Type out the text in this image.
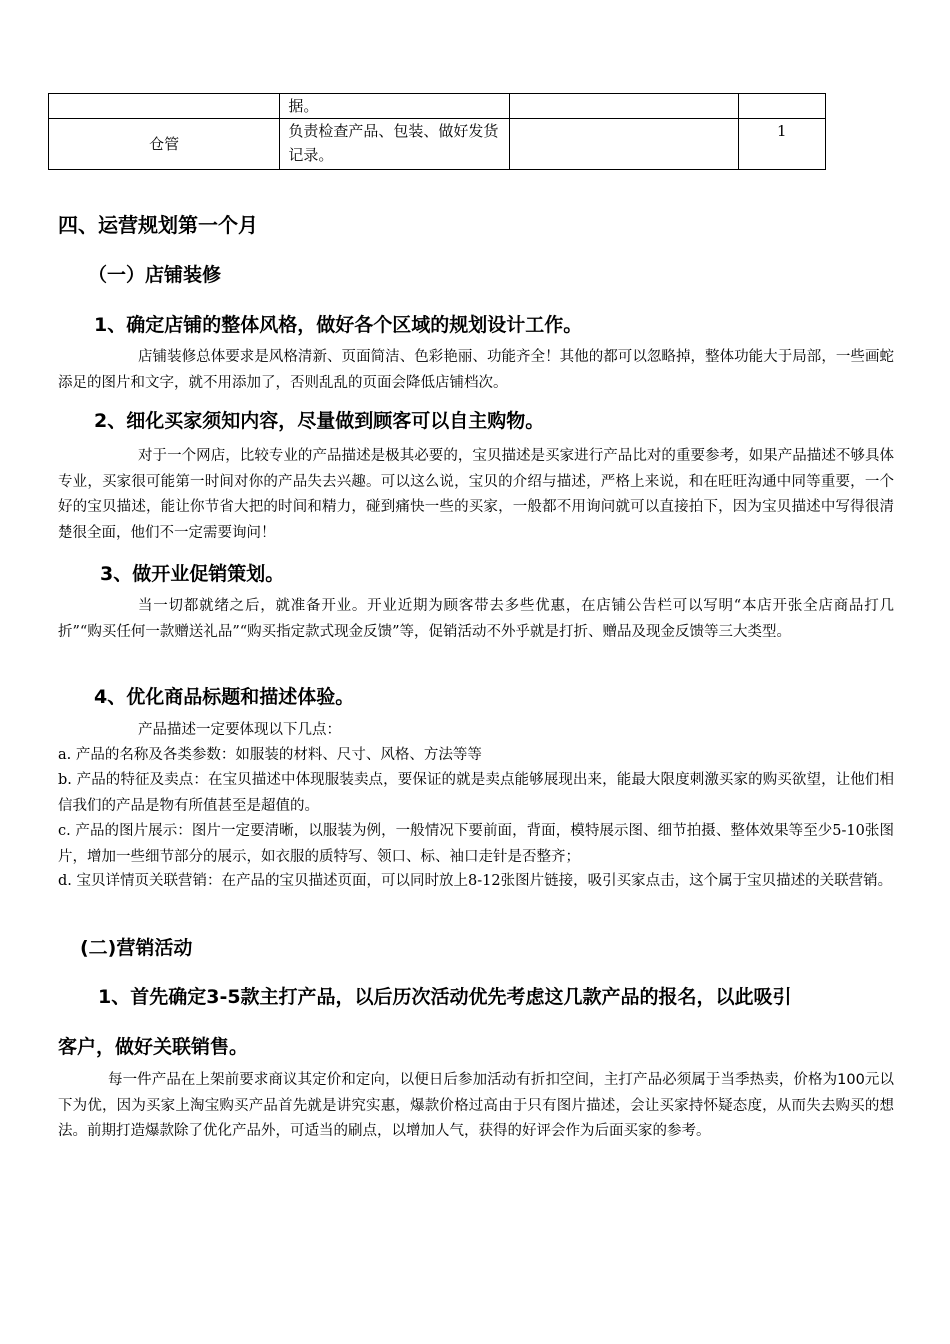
	据。		
仓管	负责检查产品、包装、做好发货记录。		1
四、运营规划第一个月
（一）店铺装修
1、确定店铺的整体风格，做好各个区域的规划设计工作。
店铺装修总体要求是风格清新、页面简洁、色彩艳丽、功能齐全！其他的都可以忽略掉，整体功能大于局部，一些画蛇添足的图片和文字，就不用添加了，否则乱乱的页面会降低店铺档次。
2、细化买家须知内容，尽量做到顾客可以自主购物。
对于一个网店，比较专业的产品描述是极其必要的，宝贝描述是买家进行产品比对的重要参考，如果产品描述不够具体专业，买家很可能第一时间对你的产品失去兴趣。可以这么说，宝贝的介绍与描述，严格上来说，和在旺旺沟通中同等重要，一个好的宝贝描述，能让你节省大把的时间和精力，碰到痛快一些的买家，一般都不用询问就可以直接拍下，因为宝贝描述中写得很清楚很全面，他们不一定需要询问！
3、做开业促销策划。
当一切都就绪之后，就准备开业。开业近期为顾客带去多些优惠，在店铺公告栏可以写明“本店开张全店商品打几折”“购买任何一款赠送礼品”“购买指定款式现金反馈”等，促销活动不外乎就是打折、赠品及现金反馈等三大类型。
4、优化商品标题和描述体验。
产品描述一定要体现以下几点：
a. 产品的名称及各类参数：如服装的材料、尺寸、风格、方法等等
b. 产品的特征及卖点：在宝贝描述中体现服装卖点，要保证的就是卖点能够展现出来，能最大限度刺激买家的购买欲望，让他们相信我们的产品是物有所值甚至是超值的。
c. 产品的图片展示：图片一定要清晰，以服装为例，一般情况下要前面，背面，模特展示图、细节拍摄、整体效果等至少5-10张图片，增加一些细节部分的展示，如衣服的质特写、领口、标、袖口走针是否整齐；
d. 宝贝详情页关联营销：在产品的宝贝描述页面，可以同时放上8-12张图片链接，吸引买家点击，这个属于宝贝描述的关联营销。
(二)营销活动
1、首先确定3-5款主打产品，以后历次活动优先考虑这几款产品的报名，以此吸引
客户，做好关联销售。
每一件产品在上架前要求商议其定价和定向，以便日后参加活动有折扣空间，主打产品必须属于当季热卖，价格为100元以下为优，因为买家上淘宝购买产品首先就是讲究实惠，爆款价格过高由于只有图片描述，会让买家持怀疑态度，从而失去购买的想法。前期打造爆款除了优化产品外，可适当的刷点，以增加人气，获得的好评会作为后面买家的参考。
